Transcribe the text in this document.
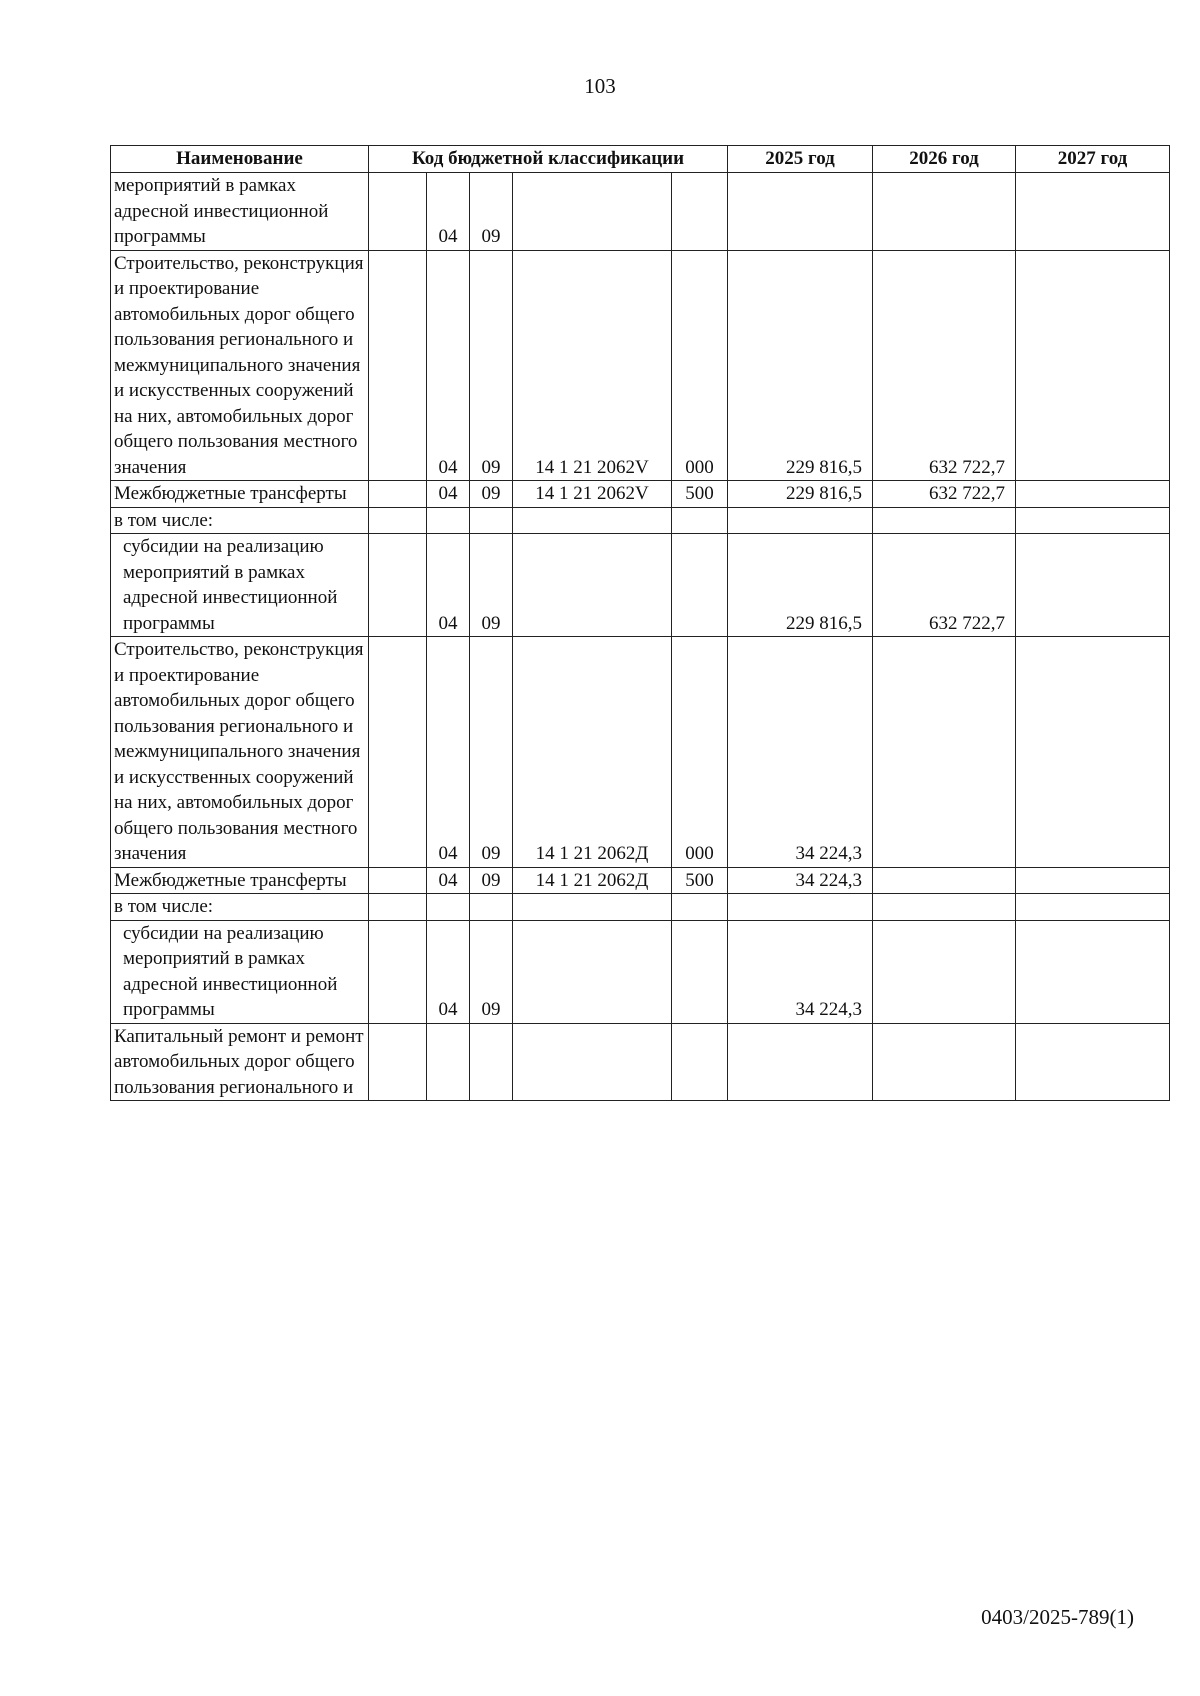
103
Наименование	Код бюджетной классификации					2025 год	2026 год	2027 год
мероприятий в рамках адресной инвестиционной программы		04	09					
Строительство, реконструкция и проектирование автомобильных дорог общего пользования регионального и межмуниципального значения и искусственных сооружений на них, автомобильных дорог общего пользования местного значения		04	09	14 1 21 2062V	000	229 816,5	632 722,7	
Межбюджетные трансферты		04	09	14 1 21 2062V	500	229 816,5	632 722,7	
в том числе:								
субсидии на реализацию мероприятий в рамках адресной инвестиционной программы		04	09			229 816,5	632 722,7	
Строительство, реконструкция и проектирование автомобильных дорог общего пользования регионального и межмуниципального значения и искусственных сооружений на них, автомобильных дорог общего пользования местного значения		04	09	14 1 21 2062Д	000	34 224,3		
Межбюджетные трансферты		04	09	14 1 21 2062Д	500	34 224,3		
в том числе:								
субсидии на реализацию мероприятий в рамках адресной инвестиционной программы		04	09			34 224,3		
Капитальный ремонт и ремонт автомобильных дорог общего пользования регионального и								
0403/2025-789(1)
